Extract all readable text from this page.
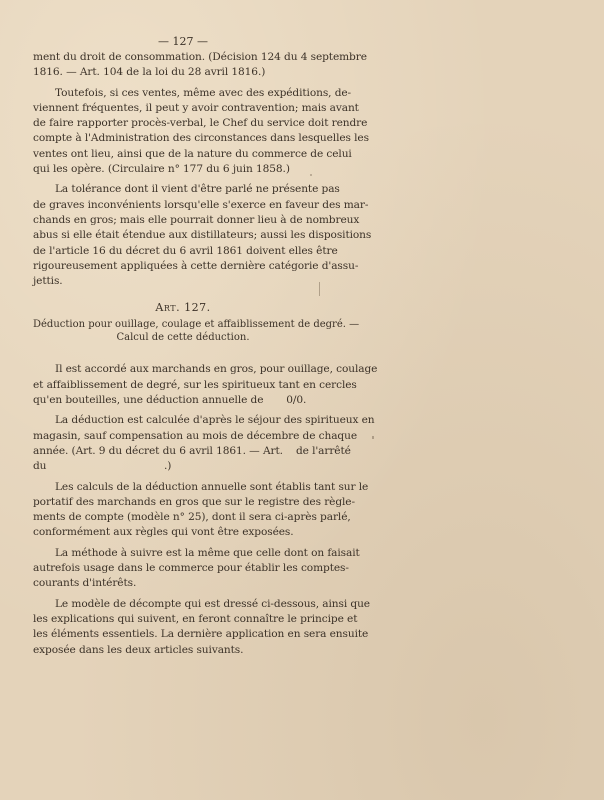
— 127 —
ment du droit de consommation. (Décision 124 du 4 septembre
1816. — Art. 104 de la loi du 28 avril 1816.)
Toutefois, si ces ventes, même avec des expéditions, de-
viennent fréquentes, il peut y avoir contravention; mais avant
de faire rapporter procès-verbal, le Chef du service doit rendre
compte à l'Administration des circonstances dans lesquelles les
ventes ont lieu, ainsi que de la nature du commerce de celui
qui les opère. (Circulaire n° 177 du 6 juin 1858.)
La tolérance dont il vient d'être parlé ne présente pas
de graves inconvénients lorsqu'elle s'exerce en faveur des mar-
chands en gros; mais elle pourrait donner lieu à de nombreux
abus si elle était étendue aux distillateurs; aussi les dispositions
de l'article 16 du décret du 6 avril 1861 doivent elles être
rigoureusement appliquées à cette dernière catégorie d'assu-
jettis.
Art. 127.
Déduction pour ouillage, coulage et affaiblissement de degré. —
Calcul de cette déduction.
Il est accordé aux marchands en gros, pour ouillage, coulage
et affaiblissement de degré, sur les spiritueux tant en cercles
qu'en bouteilles, une déduction annuelle de       0/0.
La déduction est calculée d'après le séjour des spiritueux en
magasin, sauf compensation au mois de décembre de chaque
année. (Art. 9 du décret du 6 avril 1861. — Art.    de l'arrêté
du                                    .)
Les calculs de la déduction annuelle sont établis tant sur le
portatif des marchands en gros que sur le registre des règle-
ments de compte (modèle n° 25), dont il sera ci-après parlé,
conformément aux règles qui vont être exposées.
La méthode à suivre est la même que celle dont on faisait
autrefois usage dans le commerce pour établir les comptes-
courants d'intérêts.
Le modèle de décompte qui est dressé ci-dessous, ainsi que
les explications qui suivent, en feront connaître le principe et
les éléments essentiels. La dernière application en sera ensuite
exposée dans les deux articles suivants.
